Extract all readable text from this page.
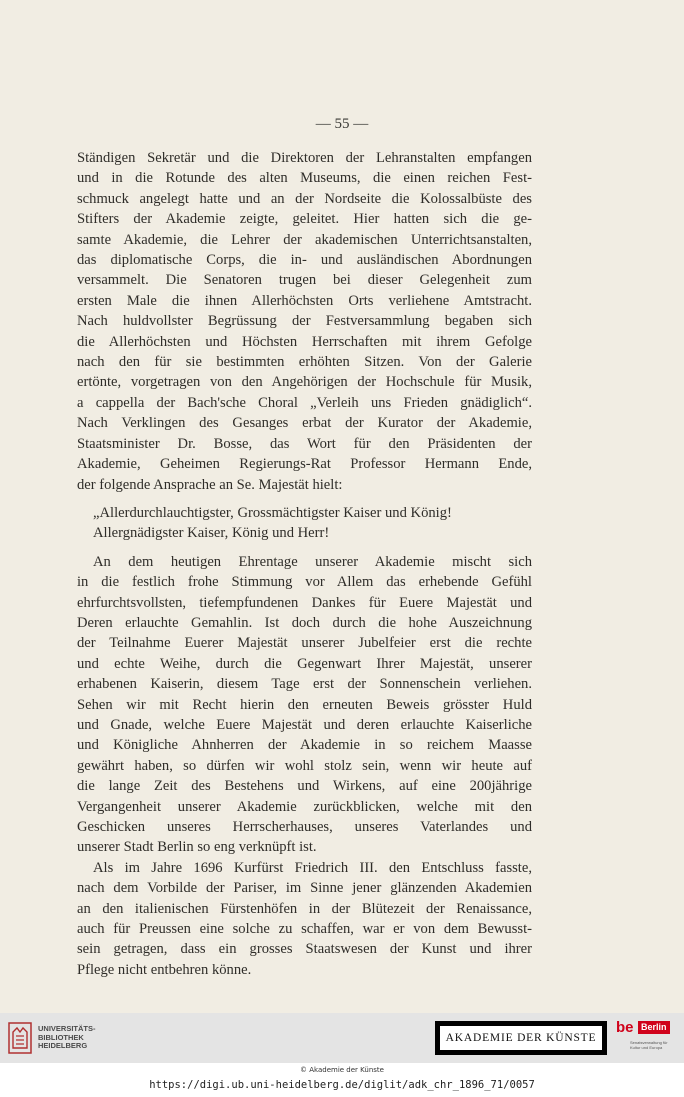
— 55 —
Ständigen Sekretär und die Direktoren der Lehranstalten empfangen
und in die Rotunde des alten Museums, die einen reichen Fest-
schmuck angelegt hatte und an der Nordseite die Kolossalbüste des
Stifters der Akademie zeigte, geleitet. Hier hatten sich die ge-
samte Akademie, die Lehrer der akademischen Unterrichtsanstalten,
das diplomatische Corps, die in- und ausländischen Abordnungen
versammelt. Die Senatoren trugen bei dieser Gelegenheit zum
ersten Male die ihnen Allerhöchsten Orts verliehene Amtstracht.
Nach huldvollster Begrüssung der Festversammlung begaben sich
die Allerhöchsten und Höchsten Herrschaften mit ihrem Gefolge
nach den für sie bestimmten erhöhten Sitzen. Von der Galerie
ertönte, vorgetragen von den Angehörigen der Hochschule für Musik,
a cappella der Bach'sche Choral „Verleih uns Frieden gnädiglich“.
Nach Verklingen des Gesanges erbat der Kurator der Akademie,
Staatsminister Dr. Bosse, das Wort für den Präsidenten der
Akademie, Geheimen Regierungs-Rat Professor Hermann Ende,
der folgende Ansprache an Se. Majestät hielt:
„Allerdurchlauchtigster, Grossmächtigster Kaiser und König!
Allergnädigster Kaiser, König und Herr!
An dem heutigen Ehrentage unserer Akademie mischt sich
in die festlich frohe Stimmung vor Allem das erhebende Gefühl
ehrfurchtsvollsten, tiefempfundenen Dankes für Euere Majestät und
Deren erlauchte Gemahlin. Ist doch durch die hohe Auszeichnung
der Teilnahme Euerer Majestät unserer Jubelfeier erst die rechte
und echte Weihe, durch die Gegenwart Ihrer Majestät, unserer
erhabenen Kaiserin, diesem Tage erst der Sonnenschein verliehen.
Sehen wir mit Recht hierin den erneuten Beweis grösster Huld
und Gnade, welche Euere Majestät und deren erlauchte Kaiserliche
und Königliche Ahnherren der Akademie in so reichem Maasse
gewährt haben, so dürfen wir wohl stolz sein, wenn wir heute auf
die lange Zeit des Bestehens und Wirkens, auf eine 200jährige
Vergangenheit unserer Akademie zurückblicken, welche mit den
Geschicken unseres Herrscherhauses, unseres Vaterlandes und
unserer Stadt Berlin so eng verknüpft ist.
Als im Jahre 1696 Kurfürst Friedrich III. den Entschluss fasste,
nach dem Vorbilde der Pariser, im Sinne jener glänzenden Akademien
an den italienischen Fürstenhöfen in der Blütezeit der Renaissance,
auch für Preussen eine solche zu schaffen, war er von dem Bewusst-
sein getragen, dass ein grosses Staatswesen der Kunst und ihrer
Pflege nicht entbehren könne.
UNIVERSITÄTS-
BIBLIOTHEK
HEIDELBERG
AKADEMIE DER KÜNSTE
be Berlin
Senatsverwaltung für Kultur und Europa
© Akademie der Künste
https://digi.ub.uni-heidelberg.de/diglit/adk_chr_1896_71/0057
